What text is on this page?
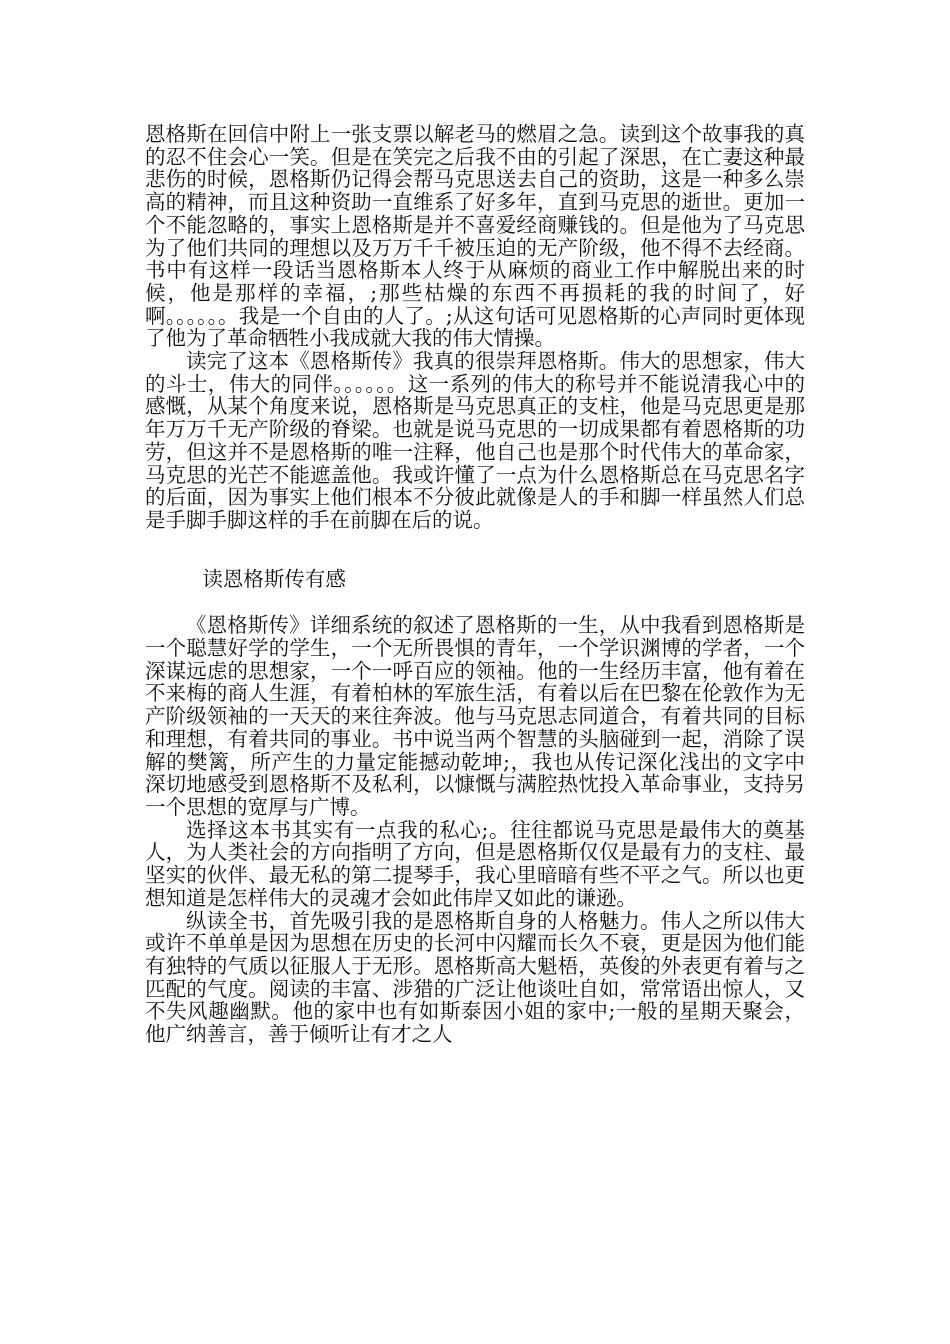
恩格斯在回信中附上一张支票以解老马的燃眉之急。读到这个故事我的真的忍不住会心一笑。但是在笑完之后我不由的引起了深思，在亡妻这种最悲伤的时候，恩格斯仍记得会帮马克思送去自己的资助，这是一种多么崇高的精神，而且这种资助一直维系了好多年，直到马克思的逝世。更加一个不能忽略的，事实上恩格斯是并不喜爱经商赚钱的。但是他为了马克思为了他们共同的理想以及万万千千被压迫的无产阶级，他不得不去经商。书中有这样一段话当恩格斯本人终于从麻烦的商业工作中解脱出来的时候，他是那样的幸福，;那些枯燥的东西不再损耗的我的时间了，好啊。。。。。。我是一个自由的人了。;从这句话可见恩格斯的心声同时更体现了他为了革命牺牲小我成就大我的伟大情操。

读完了这本《恩格斯传》我真的很崇拜恩格斯。伟大的思想家，伟大的斗士，伟大的同伴。。。。。。这一系列的伟大的称号并不能说清我心中的感慨，从某个角度来说，恩格斯是马克思真正的支柱，他是马克思更是那年万万千无产阶级的脊梁。也就是说马克思的一切成果都有着恩格斯的功劳，但这并不是恩格斯的唯一注释，他自己也是那个时代伟大的革命家，马克思的光芒不能遮盖他。我或许懂了一点为什么恩格斯总在马克思名字的后面，因为事实上他们根本不分彼此就像是人的手和脚一样虽然人们总是手脚手脚这样的手在前脚在后的说。

读恩格斯传有感

《恩格斯传》详细系统的叙述了恩格斯的一生，从中我看到恩格斯是一个聪慧好学的学生，一个无所畏惧的青年，一个学识渊博的学者，一个深谋远虑的思想家，一个一呼百应的领袖。他的一生经历丰富，他有着在不来梅的商人生涯，有着柏林的军旅生活，有着以后在巴黎在伦敦作为无产阶级领袖的一天天的来往奔波。他与马克思志同道合，有着共同的目标和理想，有着共同的事业。书中说当两个智慧的头脑碰到一起，消除了误解的樊篱，所产生的力量定能撼动乾坤;，我也从传记深化浅出的文字中深切地感受到恩格斯不及私利，以慷慨与满腔热忱投入革命事业，支持另一个思想的宽厚与广博。

选择这本书其实有一点我的私心;。往往都说马克思是最伟大的奠基人，为人类社会的方向指明了方向，但是恩格斯仅仅是最有力的支柱、最坚实的伙伴、最无私的第二提琴手，我心里暗暗有些不平之气。所以也更想知道是怎样伟大的灵魂才会如此伟岸又如此的谦逊。

纵读全书，首先吸引我的是恩格斯自身的人格魅力。伟人之所以伟大或许不单单是因为思想在历史的长河中闪耀而长久不衰，更是因为他们能有独特的气质以征服人于无形。恩格斯高大魁梧，英俊的外表更有着与之匹配的气度。阅读的丰富、涉猎的广泛让他谈吐自如，常常语出惊人，又不失风趣幽默。他的家中也有如斯泰因小姐的家中;一般的星期天聚会，他广纳善言，善于倾听让有才之人
